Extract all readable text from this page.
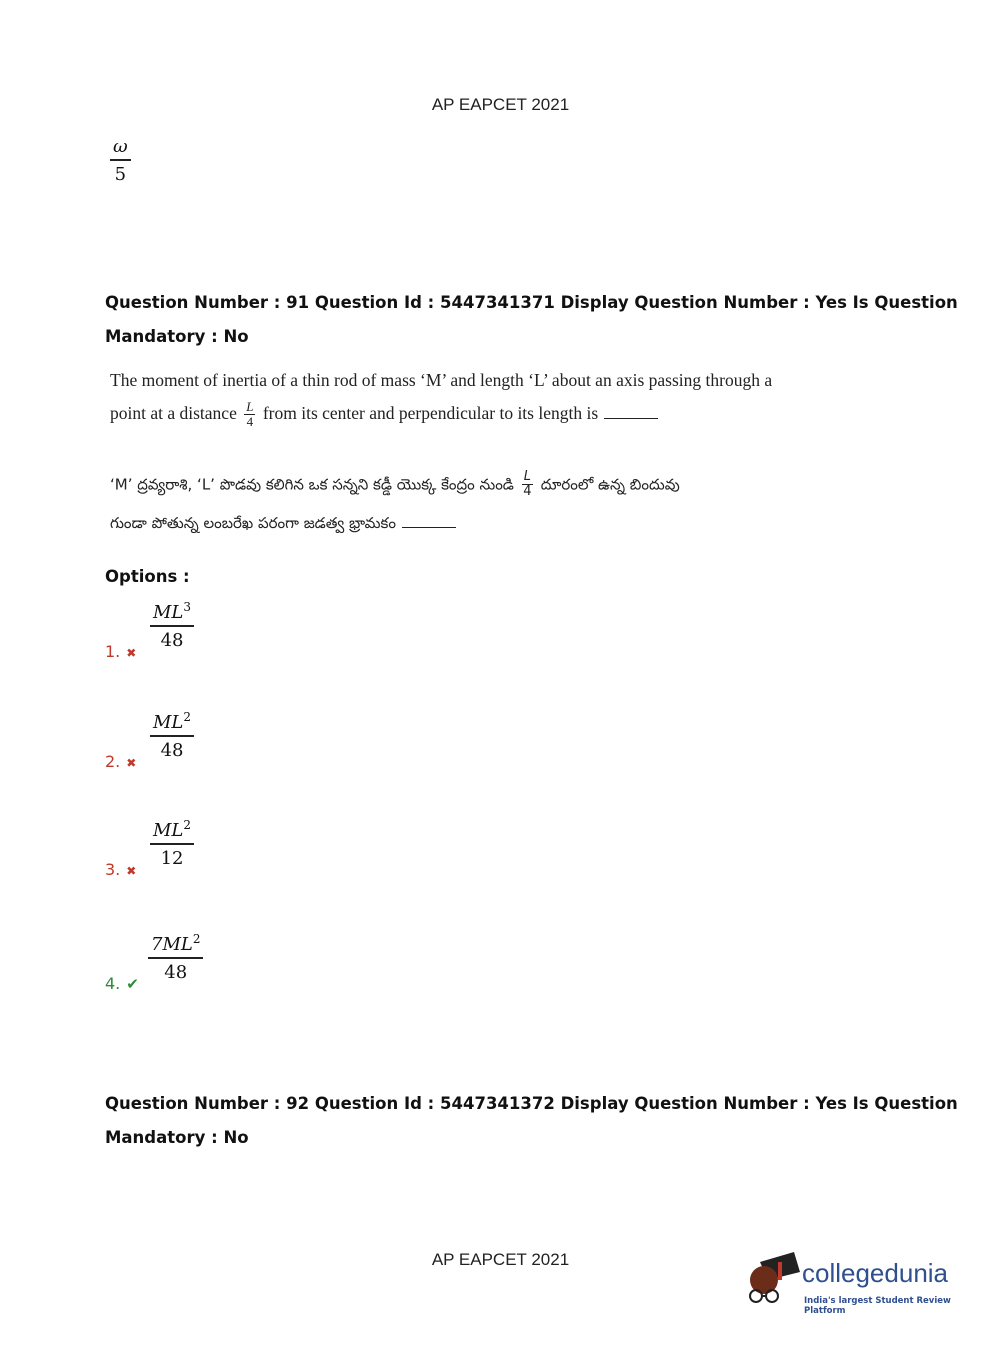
AP EAPCET 2021
$\frac{\omega}{5}$
Question Number : 91 Question Id : 5447341371 Display Question Number : Yes Is Question
Mandatory : No
The moment of inertia of a thin rod of mass ‘M’ and length ‘L’ about an axis passing through a
point at a distance $\frac{L}{4}$ from its center and perpendicular to its length is
‘M’ ద్రవ్యరాశి, ‘L’ పొడవు కలిగిన ఒక సన్నని కడ్డీ యొక్క కేంద్రం నుండి $\frac{L}{4}$ దూరంలో ఉన్న బిందువు
గుండా పోతున్న లంబరేఖ పరంగా జడత్వ భ్రామకం
Options :
1. ✖
$\frac{ML^3}{48}$
2. ✖
$\frac{ML^2}{48}$
3. ✖
$\frac{ML^2}{12}$
4. ✔
$\frac{7ML^2}{48}$
Question Number : 92 Question Id : 5447341372 Display Question Number : Yes Is Question
Mandatory : No
AP EAPCET 2021	collegedunia
India's largest Student Review Platform
